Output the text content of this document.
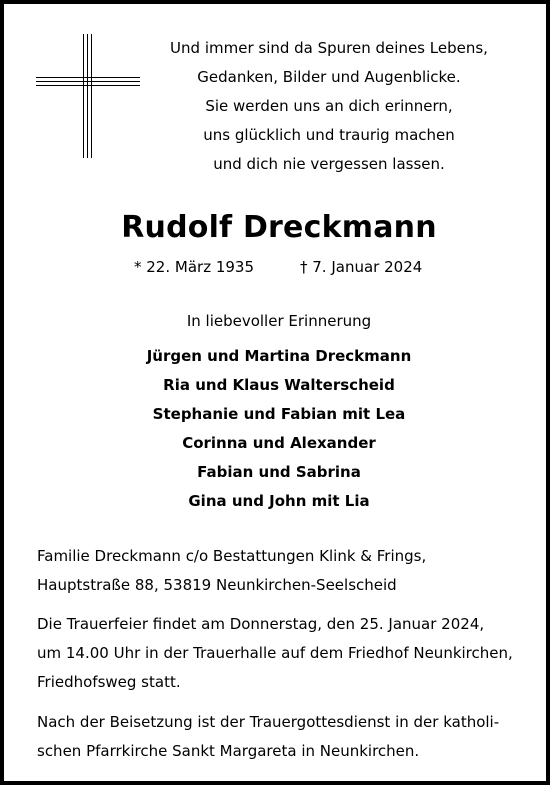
Und immer sind da Spuren deines Lebens,
Gedanken, Bilder und Augenblicke.
Sie werden uns an dich erinnern,
uns glücklich und traurig machen
und dich nie vergessen lassen.
Rudolf Dreckmann
* 22. März 1935	† 7. Januar 2024
In liebevoller Erinnerung
Jürgen und Martina Dreckmann
Ria und Klaus Walterscheid
Stephanie und Fabian mit Lea
Corinna und Alexander
Fabian und Sabrina
Gina und John mit Lia
Familie Dreckmann c/o Bestattungen Klink & Frings,
Hauptstraße 88, 53819 Neunkirchen-Seelscheid
Die Trauerfeier findet am Donnerstag, den 25. Januar 2024,
um 14.00 Uhr in der Trauerhalle auf dem Friedhof Neunkirchen,
Friedhofsweg statt.
Nach der Beisetzung ist der Trauergottesdienst in der katholi-
schen Pfarrkirche Sankt Margareta in Neunkirchen.
